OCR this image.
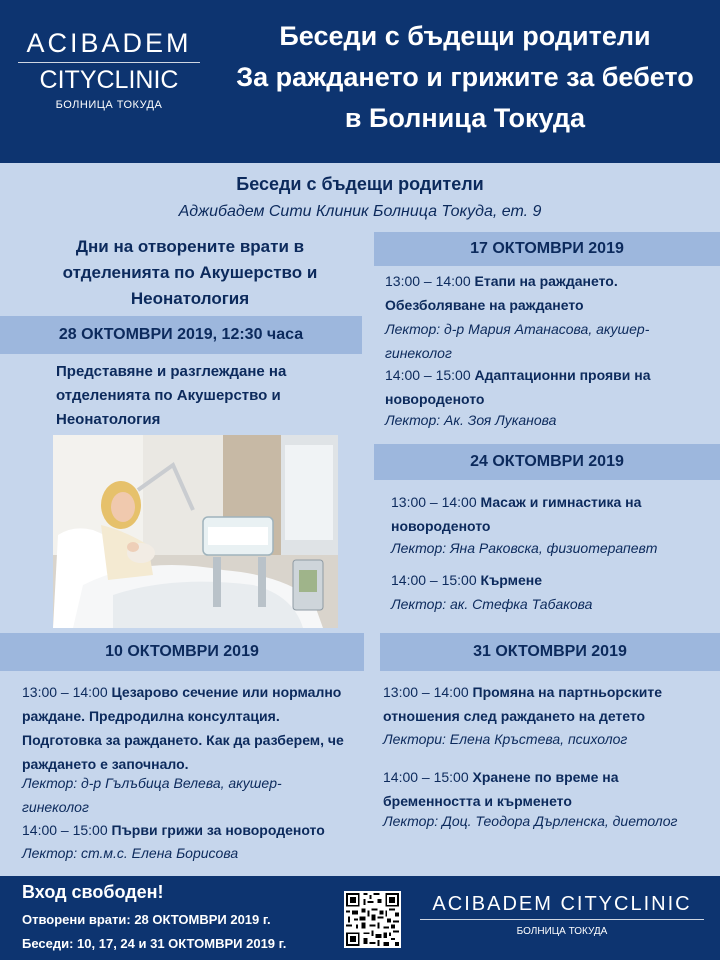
ACIBADEM
CITYCLINIC
БОЛНИЦА ТОКУДА
Беседи с бъдещи родители
За раждането и грижите за бебето
в Болница Токуда
Беседи с бъдещи родители
Аджибадем Сити Клиник Болница Токуда, ет. 9
Дни на отворените врати в отделенията по Акушерство и Неонатология
28 ОКТОМВРИ 2019, 12:30 часа
Представяне и разглеждане на отделенията по Акушерство и Неонатология
17 ОКТОМВРИ 2019
13:00 – 14:00 Етапи на раждането. Обезболяване на раждането
Лектор: д-р Мария Атанасова, акушер-гинеколог
14:00 – 15:00 Адаптационни прояви на новороденото
Лектор: Ак. Зоя Луканова
24 ОКТОМВРИ 2019
13:00 – 14:00 Масаж и гимнастика на новороденото
Лектор: Яна Раковска, физиотерапевт
14:00 – 15:00 Кърмене
Лектор: ак. Стефка Табакова
10 ОКТОМВРИ 2019
13:00 – 14:00 Цезарово сечение или нормално раждане. Предродилна консултация. Подготовка за раждането. Как да разберем, че раждането е започнало.
Лектор: д-р Гълъбица Велева, акушер-гинеколог
14:00 – 15:00 Първи грижи за новороденото
Лектор: ст.м.с. Елена Борисова
31 ОКТОМВРИ 2019
13:00 – 14:00 Промяна на партньорските отношения след раждането на детето
Лектори: Елена Кръстева, психолог
14:00 – 15:00 Хранене по време на бременността и кърменето
Лектор: Доц. Теодора Дърленска, диетолог
Вход свободен!
Отворени врати: 28 ОКТОМВРИ 2019 г.
Беседи: 10, 17, 24 и 31 ОКТОМВРИ 2019 г.
ACIBADEM CITYCLINIC
БОЛНИЦА ТОКУДА
